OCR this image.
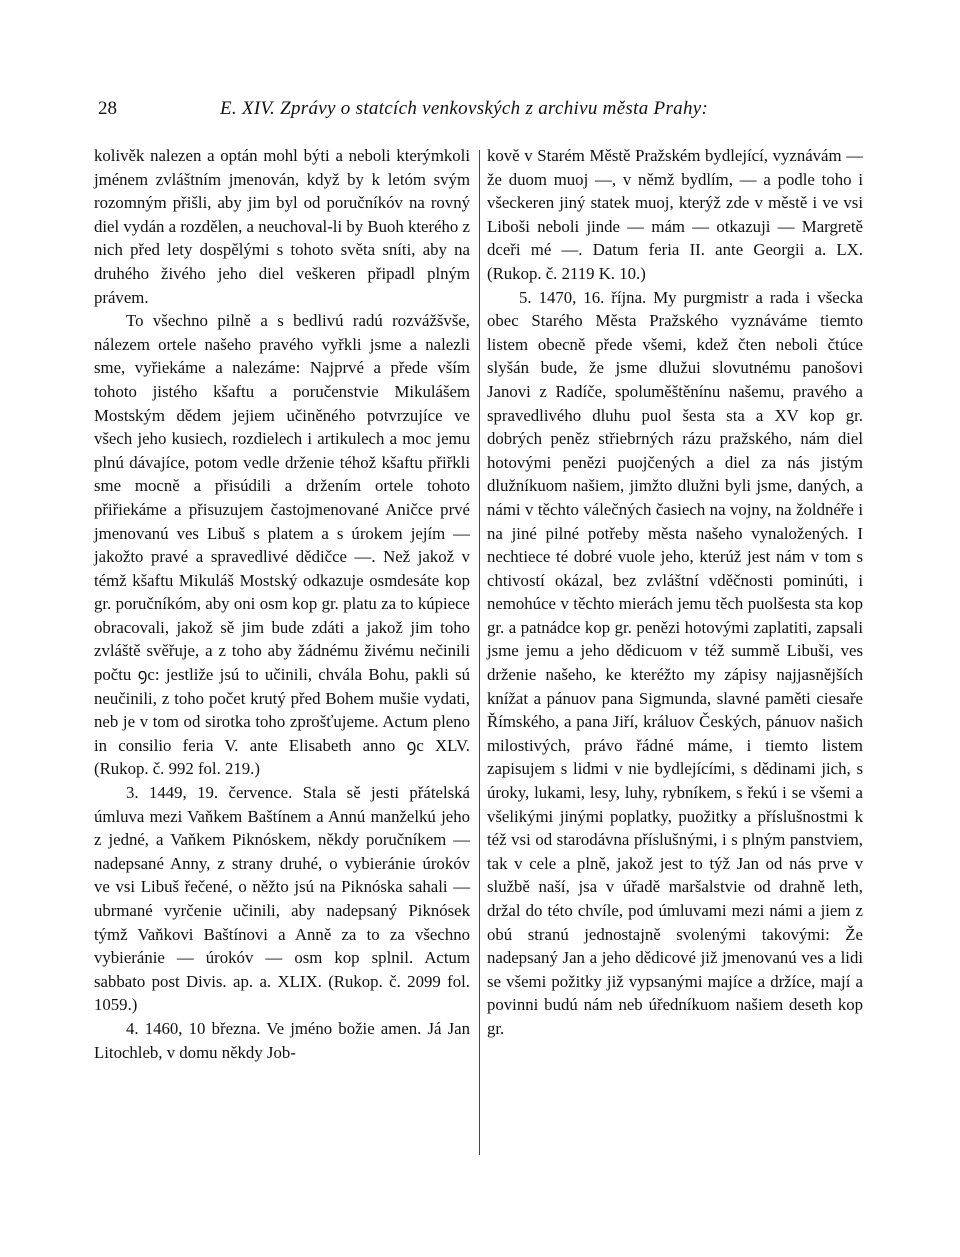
28	E. XIV. Zprávy o statcích venkovských z archivu města Prahy:

kolivěk nalezen a optán mohl býti a neboli kterýmkoli jménem zvláštním jmenován, když by k letóm svým rozomným přišli, aby jim byl od poručníkóv na rovný diel vydán a rozdělen, a neuchoval-li by Buoh kterého z nich před lety dospělými s tohoto světa sníti, aby na druhého živého jeho diel veškeren připadl plným právem.

To všechno pilně a s bedlivú radú rozvážšvše, nálezem ortele našeho pravého vyřkli jsme a nalezli sme, vyřiekáme a nalezáme: Najprvé a přede vším tohoto jistého kšaftu a poručenstvie Mikulášem Mostským dědem jejiem učiněného potvrzujíce ve všech jeho kusiech, rozdielech i artikulech a moc jemu plnú dávajíce, potom vedle drženie téhož kšaftu přiřkli sme mocně a přisúdili a držením ortele tohoto přiřiekáme a přisuzujem častojmenované Aničce prvé jmenovanú ves Libuš s platem a s úrokem jejím — jakožto pravé a spravedlivé dědičce —. Než jakož v témž kšaftu Mikuláš Mostský odkazuje osmdesáte kop gr. poručníkóm, aby oni osm kop gr. platu za to kúpiece obracovali, jakož sě jim bude zdáti a jakož jim toho zvláště svěřuje, a z toho aby žádnému živému nečinili počtu ꝯc: jestliže jsú to učinili, chvála Bohu, pakli sú neučinili, z toho počet krutý před Bohem mušie vydati, neb je v tom od sirotka toho zprošťujeme. Actum pleno in consilio feria V. ante Elisabeth anno ꝯc XLV. (Rukop. č. 992 fol. 219.)

3. 1449, 19. července. Stala sě jesti přátelská úmluva mezi Vaňkem Baštínem a Annú manželkú jeho z jedné, a Vaňkem Piknóskem, někdy poručníkem — nadepsané Anny, z strany druhé, o vybieránie úrokóv ve vsi Libuš řečené, o něžto jsú na Piknóska sahali — ubrmané vyrčenie učinili, aby nadepsaný Piknósek týmž Vaňkovi Baštínovi a Anně za to za všechno vybieránie — úrokóv — osm kop splnil. Actum sabbato post Divis. ap. a. XLIX. (Rukop. č. 2099 fol. 1059.)

4. 1460, 10 března. Ve jméno božie amen. Já Jan Litochleb, v domu někdy Job-

kově v Starém Městě Pražském bydlející, vyznávám — že duom muoj —, v němž bydlím, — a podle toho i všeckeren jiný statek muoj, kterýž zde v městě i ve vsi Liboši neboli jinde — mám — otkazuji — Margretě dceři mé —. Datum feria II. ante Georgii a. LX. (Rukop. č. 2119 K. 10.)

5. 1470, 16. října. My purgmistr a rada i všecka obec Starého Města Pražského vyznáváme tiemto listem obecně přede všemi, kdež čten neboli čtúce slyšán bude, že jsme dlužui slovutnému panošovi Janovi z Radíče, spoluměštěnínu našemu, pravého a spravedlivého dluhu puol šesta sta a XV kop gr. dobrých peněz střiebrných rázu pražského, nám diel hotovými penězi puojčených a diel za nás jistým dlužníkuom našiem, jimžto dlužni byli jsme, daných, a námi v těchto válečných časiech na vojny, na žoldnéře i na jiné pilné potřeby města našeho vynaložených. I nechtiece té dobré vuole jeho, kterúž jest nám v tom s chtivostí okázal, bez zvláštní vděčnosti pominúti, i nemohúce v těchto mierách jemu těch puolšesta sta kop gr. a patnádce kop gr. penězi hotovými zaplatiti, zapsali jsme jemu a jeho dědicuom v též summě Libuši, ves drženie našeho, ke kteréžto my zápisy najjasnějších knížat a pánuov pana Sigmunda, slavné paměti ciesaře Římského, a pana Jiří, králuov Českých, pánuov našich milostivých, právo řádné máme, i tiemto listem zapisujem s lidmi v nie bydlejícími, s dědinami jich, s úroky, lukami, lesy, luhy, rybníkem, s řekú i se všemi a všelikými jinými poplatky, puožitky a příslušnostmi k též vsi od starodávna příslušnými, i s plným panstviem, tak v cele a plně, jakož jest to týž Jan od nás prve v službě naší, jsa v úřadě maršalstvie od drahně leth, držal do této chvíle, pod úmluvami mezi námi a jiem z obú stranú jednostajně svolenými takovými: Že nadepsaný Jan a jeho dědicové již jmenovanú ves a lidi se všemi požitky již vypsanými majíce a držíce, mají a povinni budú nám neb úředníkuom našiem deseth kop gr.
